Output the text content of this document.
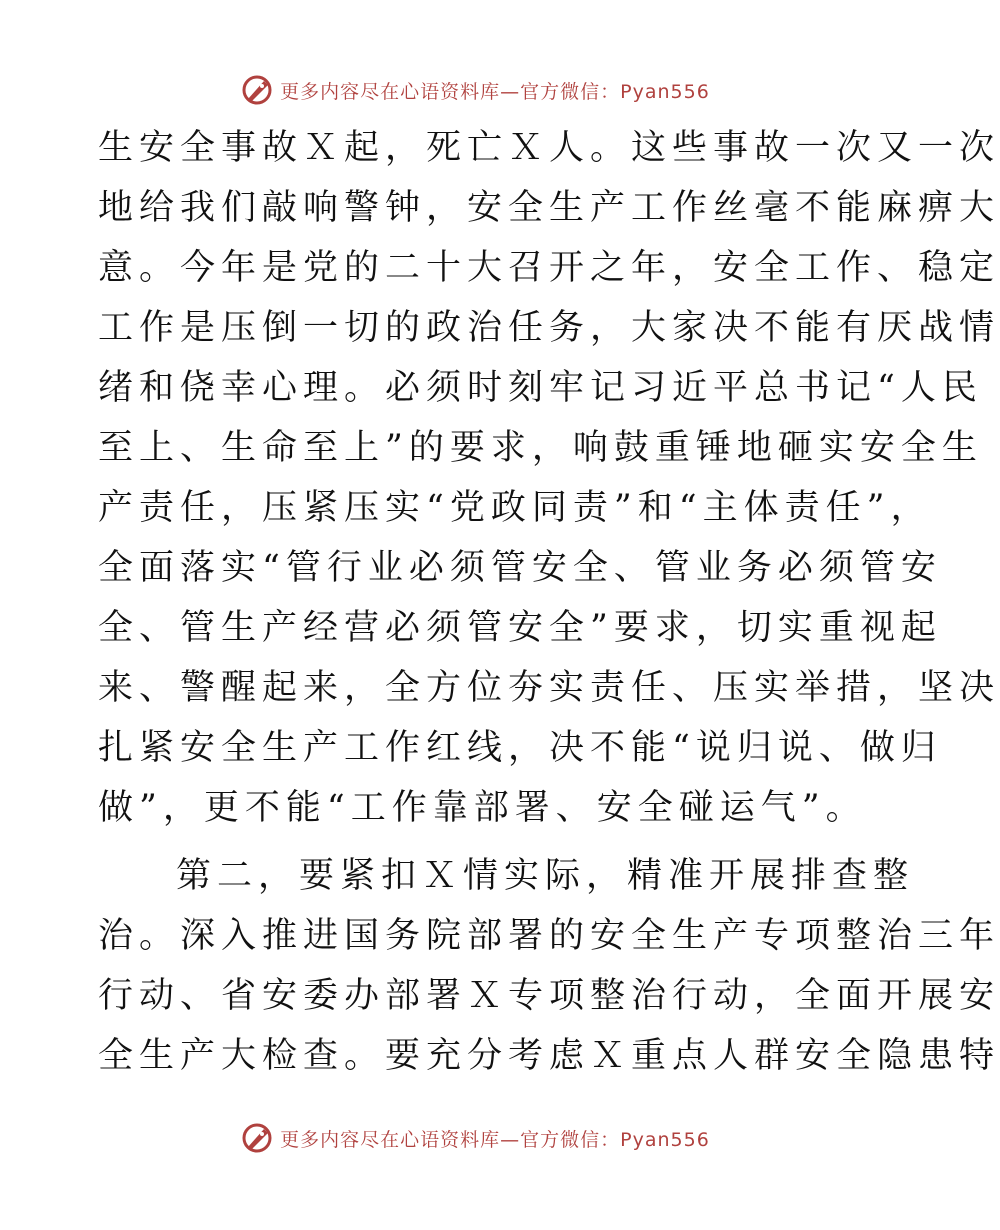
更多内容尽在心语资料库—官方微信：Pyan556
生安全事故Ｘ起，死亡Ｘ人。这些事故一次又一次
地给我们敲响警钟，安全生产工作丝毫不能麻痹大
意。今年是党的二十大召开之年，安全工作、稳定
工作是压倒一切的政治任务，大家决不能有厌战情
绪和侥幸心理。必须时刻牢记习近平总书记“人民
至上、生命至上”的要求，响鼓重锤地砸实安全生
产责任，压紧压实“党政同责”和“主体责任”，
全面落实“管行业必须管安全、管业务必须管安
全、管生产经营必须管安全”要求，切实重视起
来、警醒起来，全方位夯实责任、压实举措，坚决
扎紧安全生产工作红线，决不能“说归说、做归
做”，更不能“工作靠部署、安全碰运气”。
第二，要紧扣Ｘ情实际，精准开展排查整
治。深入推进国务院部署的安全生产专项整治三年
行动、省安委办部署Ｘ专项整治行动，全面开展安
全生产大检查。要充分考虑Ｘ重点人群安全隐患特
更多内容尽在心语资料库—官方微信：Pyan556
